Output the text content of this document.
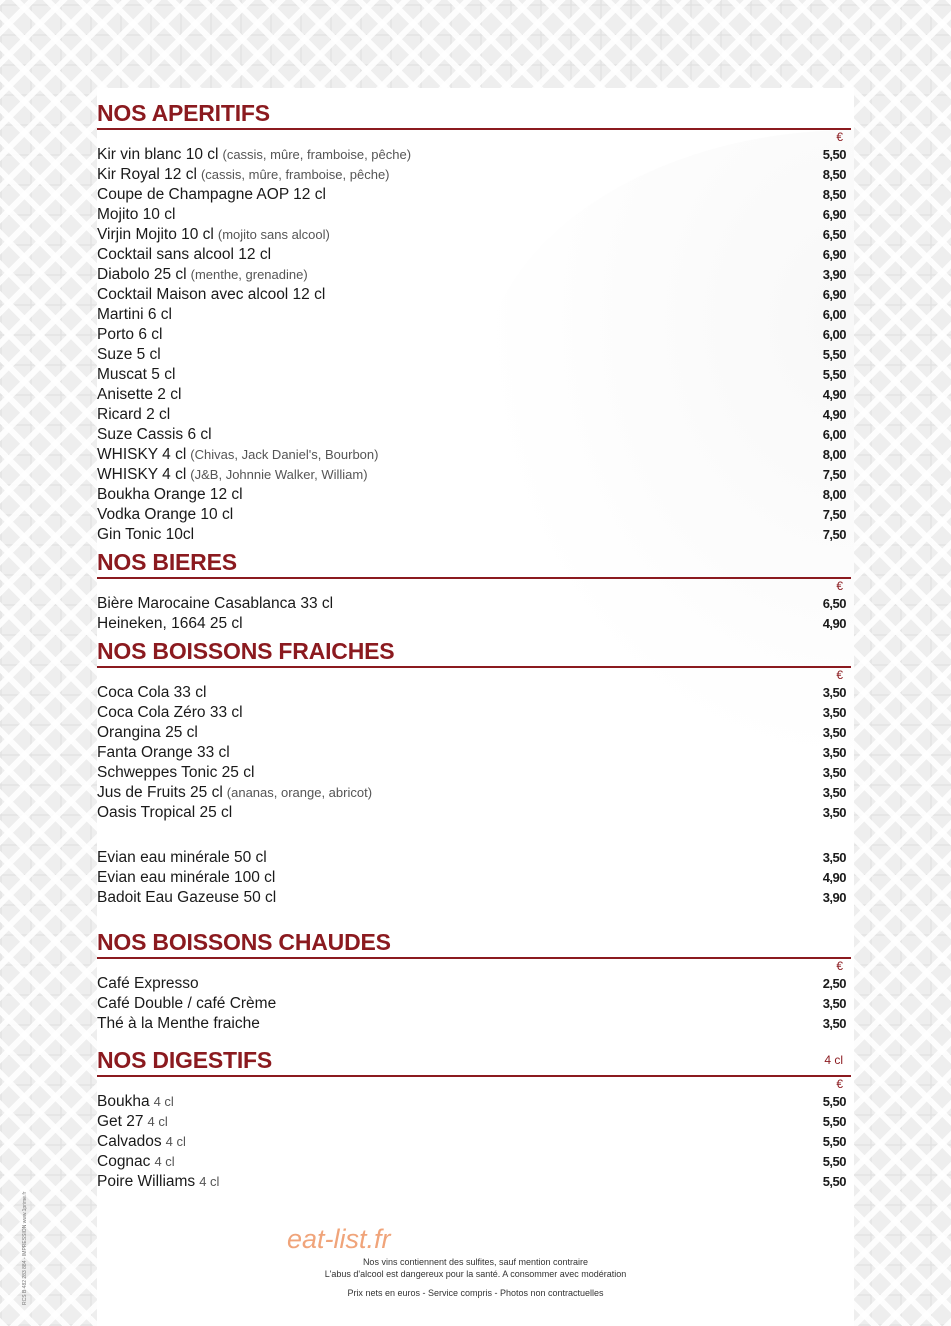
NOS APERITIFS
€
Kir vin blanc 10 cl (cassis, mûre, framboise, pêche)	5,50
Kir Royal 12 cl (cassis, mûre, framboise, pêche)	8,50
Coupe de Champagne AOP 12 cl	8,50
Mojito 10 cl	6,90
Virjin Mojito 10 cl (mojito sans alcool)	6,50
Cocktail sans alcool 12 cl	6,90
Diabolo 25 cl (menthe, grenadine)	3,90
Cocktail Maison avec alcool 12 cl	6,90
Martini 6 cl	6,00
Porto 6 cl	6,00
Suze 5 cl	5,50
Muscat 5 cl	5,50
Anisette 2 cl	4,90
Ricard 2 cl	4,90
Suze Cassis 6 cl	6,00
WHISKY 4 cl (Chivas, Jack Daniel's, Bourbon)	8,00
WHISKY 4 cl (J&B, Johnnie Walker, William)	7,50
Boukha Orange 12 cl	8,00
Vodka Orange 10 cl	7,50
Gin Tonic 10cl	7,50
NOS BIERES
€
Bière Marocaine Casablanca 33 cl	6,50
Heineken, 1664 25 cl	4,90
NOS BOISSONS FRAICHES
€
Coca Cola 33 cl	3,50
Coca Cola Zéro 33 cl	3,50
Orangina 25 cl	3,50
Fanta Orange 33 cl	3,50
Schweppes Tonic 25 cl	3,50
Jus de Fruits 25 cl (ananas, orange, abricot)	3,50
Oasis Tropical 25 cl	3,50
Evian eau minérale 50 cl	3,50
Evian eau minérale 100 cl	4,90
Badoit Eau Gazeuse 50 cl	3,90
NOS BOISSONS CHAUDES
€
Café Expresso	2,50
Café Double / café Crème	3,50
Thé à la Menthe fraiche	3,50
NOS DIGESTIFS	4 cl
€
Boukha 4 cl	5,50
Get 27 4 cl	5,50
Calvados 4 cl	5,50
Cognac 4 cl	5,50
Poire Williams 4 cl	5,50
eat-list.fr
Nos vins contiennent des sulfites, sauf mention contraire
L'abus d'alcool est dangereux pour la santé. A consommer avec modération
Prix nets en euros - Service compris - Photos non contractuelles
RCS B 482 283 884 - IMPRESSION www.1prime.fr
